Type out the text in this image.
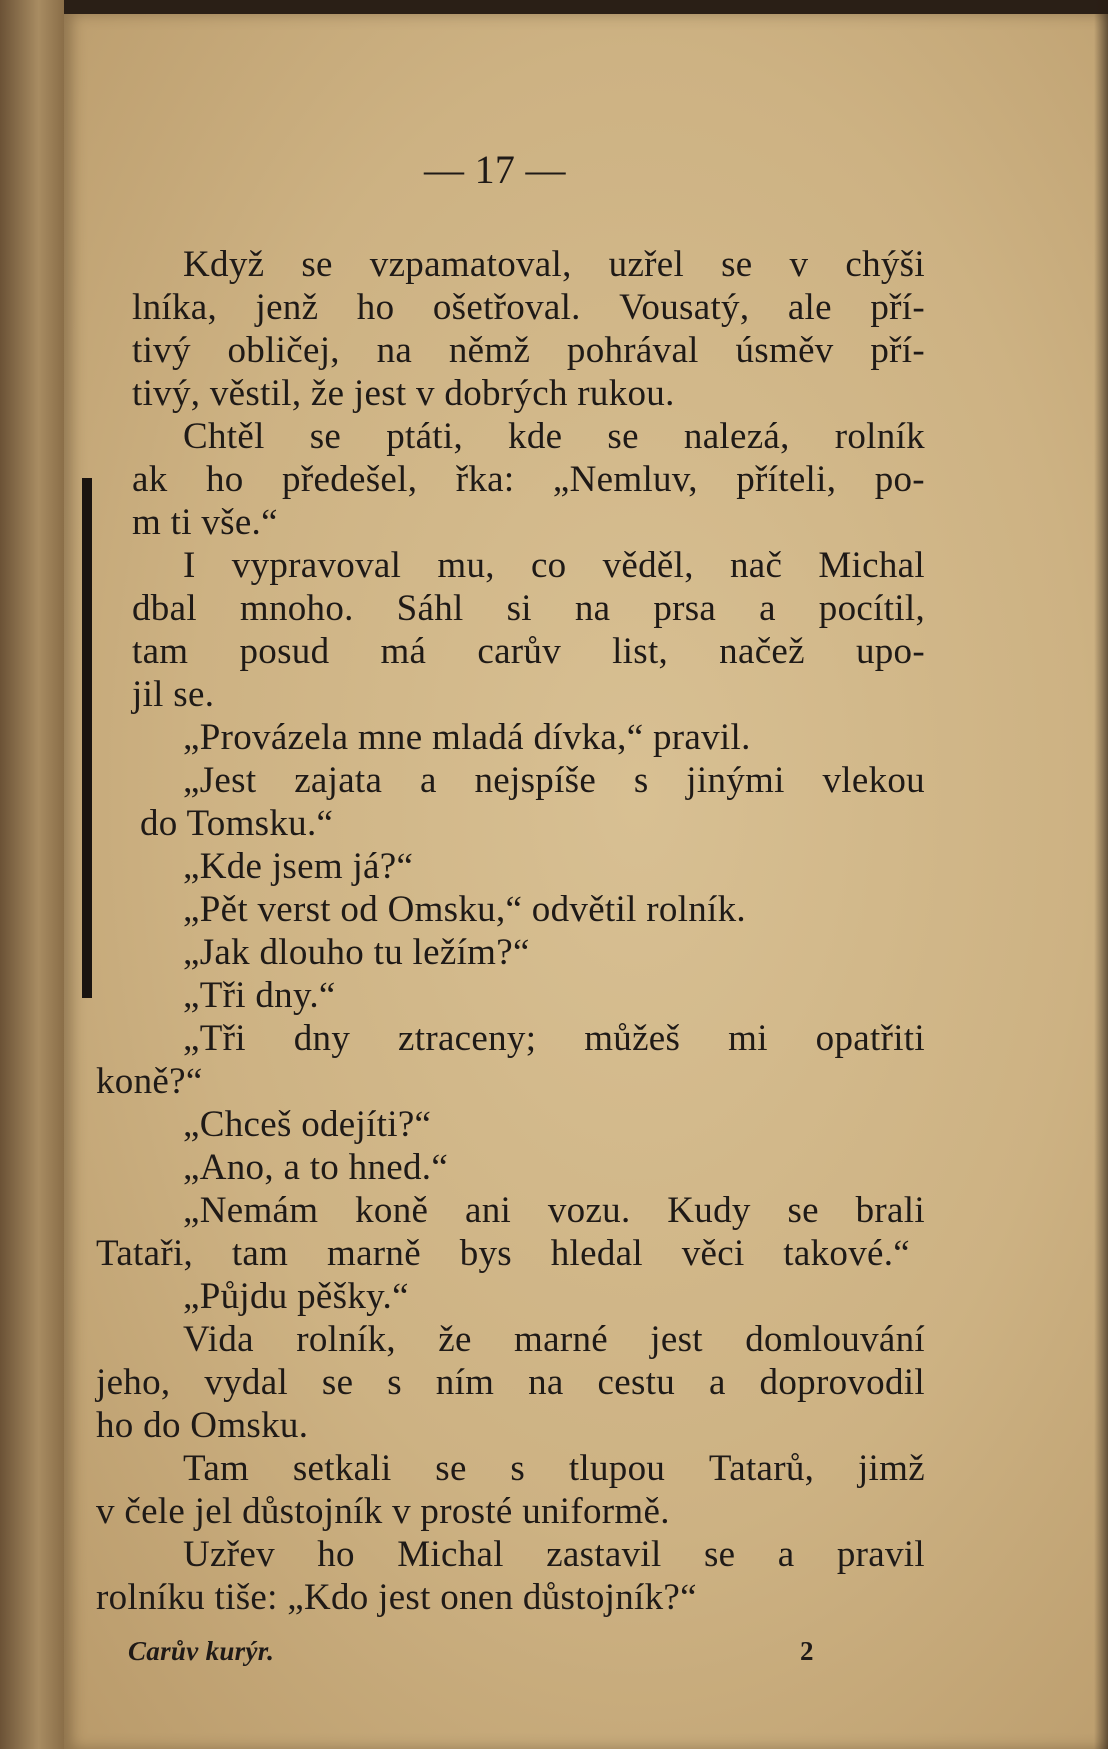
— 17 —
Když se vzpamatoval, uzřel se v chýši
lníka, jenž ho ošetřoval. Vousatý, ale pří-
tivý obličej, na němž pohrával úsměv pří-
tivý, věstil, že jest v dobrých rukou.
Chtěl se ptáti, kde se nalezá, rolník
ak ho předešel, řka: „Nemluv, příteli, po-
m ti vše.“
I vypravoval mu, co věděl, nač Michal
dbal mnoho. Sáhl si na prsa a pocítil,
tam posud má carův list, načež upo-
jil se.
„Provázela mne mladá dívka,“ pravil.
„Jest zajata a nejspíše s jinými vlekou
do Tomsku.“
„Kde jsem já?“
„Pět verst od Omsku,“ odvětil rolník.
„Jak dlouho tu ležím?“
„Tři dny.“
„Tři dny ztraceny; můžeš mi opatřiti
koně?“
„Chceš odejíti?“
„Ano, a to hned.“
„Nemám koně ani vozu. Kudy se brali
Tataři, tam marně bys hledal věci takové.“
„Půjdu pěšky.“
Vida rolník, že marné jest domlouvání
jeho, vydal se s ním na cestu a doprovodil
ho do Omsku.
Tam setkali se s tlupou Tatarů, jimž
v čele jel důstojník v prosté uniformě.
Uzřev ho Michal zastavil se a pravil
rolníku tiše: „Kdo jest onen důstojník?“
Carův kurýr.	2
